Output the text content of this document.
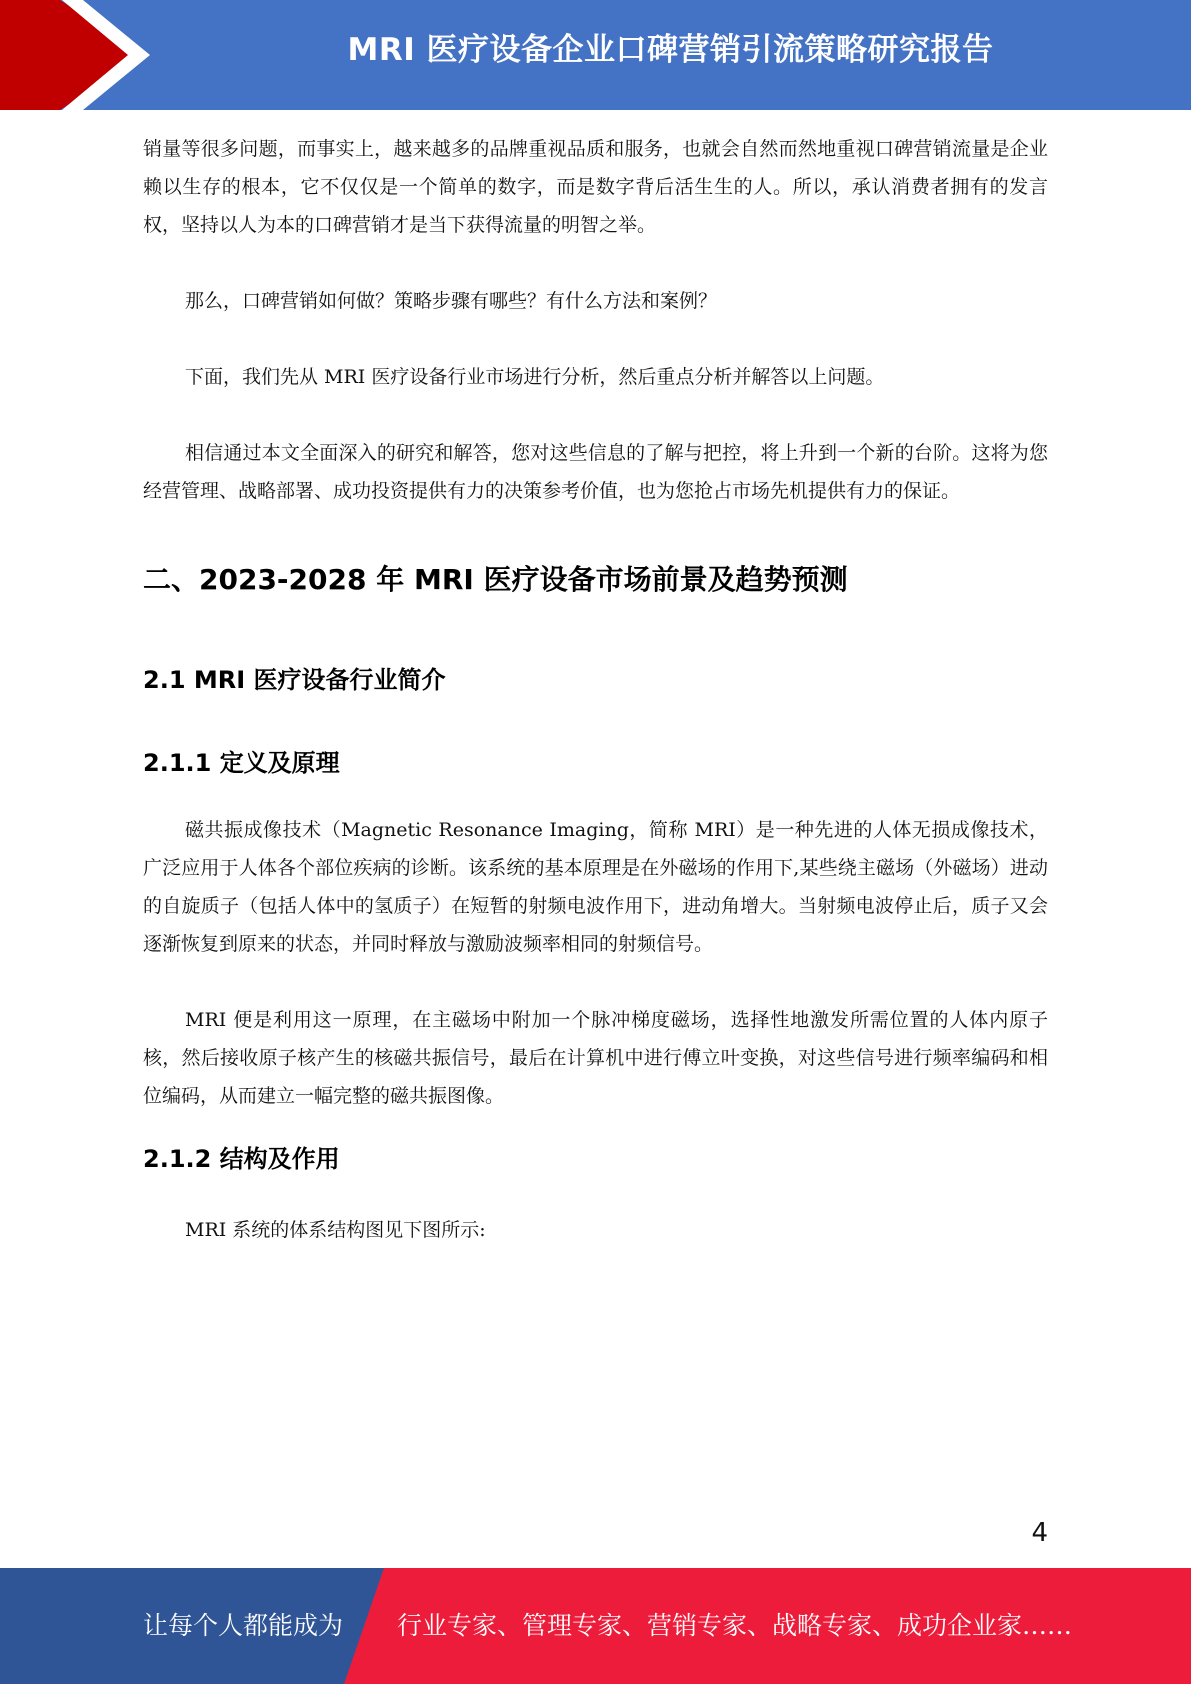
MRI 医疗设备企业口碑营销引流策略研究报告

销量等很多问题，而事实上，越来越多的品牌重视品质和服务，也就会自然而然地重视口碑营销流量是企业赖以生存的根本，它不仅仅是一个简单的数字，而是数字背后活生生的人。所以，承认消费者拥有的发言权，坚持以人为本的口碑营销才是当下获得流量的明智之举。

那么，口碑营销如何做？策略步骤有哪些？有什么方法和案例？

下面，我们先从 MRI 医疗设备行业市场进行分析，然后重点分析并解答以上问题。

相信通过本文全面深入的研究和解答，您对这些信息的了解与把控，将上升到一个新的台阶。这将为您经营管理、战略部署、成功投资提供有力的决策参考价值，也为您抢占市场先机提供有力的保证。

二、2023-2028 年 MRI 医疗设备市场前景及趋势预测
2.1 MRI 医疗设备行业简介
2.1.1 定义及原理

磁共振成像技术（Magnetic Resonance Imaging，简称 MRI）是一种先进的人体无损成像技术，广泛应用于人体各个部位疾病的诊断。该系统的基本原理是在外磁场的作用下,某些绕主磁场（外磁场）进动的自旋质子（包括人体中的氢质子）在短暂的射频电波作用下，进动角增大。当射频电波停止后，质子又会逐渐恢复到原来的状态，并同时释放与激励波频率相同的射频信号。

MRI 便是利用这一原理，在主磁场中附加一个脉冲梯度磁场，选择性地激发所需位置的人体内原子核，然后接收原子核产生的核磁共振信号，最后在计算机中进行傅立叶变换，对这些信号进行频率编码和相位编码，从而建立一幅完整的磁共振图像。

2.1.2 结构及作用

MRI 系统的体系结构图见下图所示:

4
让每个人都能成为 行业专家、管理专家、营销专家、战略专家、成功企业家……
